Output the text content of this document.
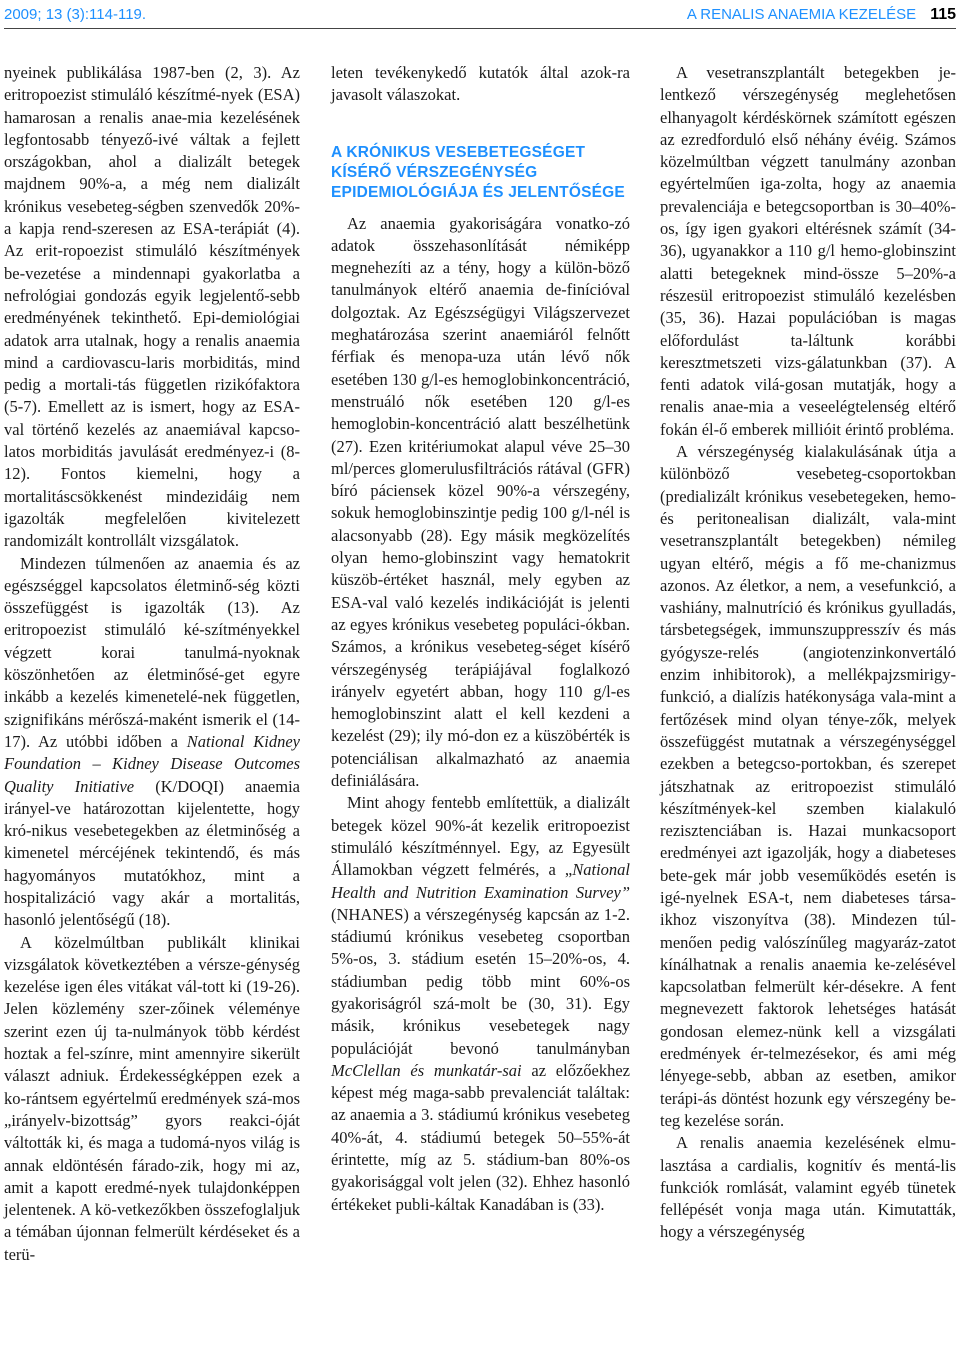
2009; 13 (3):114-119.	A RENALIS ANAEMIA KEZELÉSE 115

nyeinek publikálása 1987-ben (2, 3). Az eritropoezist stimuláló készítmé-nyek (ESA) hamarosan a renalis anae-mia kezelésének legfontosabb tényező-ivé váltak a fejlett országokban, ahol a dializált betegek majdnem 90%-a, a még nem dializált krónikus vesebeteg-ségben szenvedők 20%-a kapja rend-szeresen az ESA-terápiát (4). Az erit-ropoezist stimuláló készítmények be-vezetése a mindennapi gyakorlatba a nefrológiai gondozás egyik legjelentő-sebb eredményének tekinthető. Epi-demiológiai adatok arra utalnak, hogy a renalis anaemia mind a cardiovascu-laris morbiditás, mind pedig a mortali-tás független rizikófaktora (5-7). Emellett az is ismert, hogy az ESA-val történő kezelés az anaemiával kapcso-latos morbiditás javulását eredményez-i (8-12). Fontos kiemelni, hogy a mortalitáscsökkenést mindezidáig nem igazolták megfelelően kivitelezett randomizált kontrollált vizsgálatok.

Mindezen túlmenően az anaemia és az egészséggel kapcsolatos életminő-ség közti összefüggést is igazolták (13). Az eritropoezist stimuláló ké-szítményekkel végzett korai tanulmá-nyoknak köszönhetően az életminősé-get egyre inkább a kezelés kimenetelé-nek független, szignifikáns mérőszá-maként ismerik el (14-17). Az utóbbi időben a National Kidney Foundation – Kidney Disease Outcomes Quality Initiative (K/DOQI) anaemia irányel-ve határozottan kijelentette, hogy kró-nikus vesebetegekben az életminőség a kimenetel mércéjének tekintendő, és más hagyományos mutatókhoz, mint a hospitalizáció vagy akár a mortalitás, hasonló jelentőségű (18).

A közelmúltban publikált klinikai vizsgálatok következtében a vérsze-génység kezelése igen éles vitákat vál-tott ki (19-26). Jelen közlemény szer-zőinek véleménye szerint ezen új ta-nulmányok több kérdést hoztak a fel-színre, mint amennyire sikerült választ adniuk. Érdekességképpen ezek a ko-rántsem egyértelmű eredmények szá-mos „irányelv-bizottság” gyors reakci-óját váltották ki, és maga a tudomá-nyos világ is annak eldöntésén fárado-zik, hogy mi az, amit a kapott eredmé-nyek tulajdonképpen jelentenek. A kö-vetkezőkben összefoglaljuk a témában újonnan felmerült kérdéseket és a terü-

leten tevékenykedő kutatók által azok-ra javasolt válaszokat.

A KRÓNIKUS VESEBETEGSÉGET KÍSÉRŐ VÉRSZEGÉNYSÉG EPIDEMIOLÓGIÁJA ÉS JELENTŐSÉGE

Az anaemia gyakoriságára vonatko-zó adatok összehasonlítását némiképp megnehezíti az a tény, hogy a külön-böző tanulmányok eltérő anaemia de-finícióval dolgoztak. Az Egészségügyi Világszervezet meghatározása szerint anaemiáról felnőtt férfiak és menopa-uza után lévő nők esetében 130 g/l-es hemoglobinkoncentráció, menstruáló nők esetében 120 g/l-es hemoglobin-koncentráció alatt beszélhetünk (27). Ezen kritériumokat alapul véve 25–30 ml/perces glomerulusfiltrációs rátával (GFR) bíró páciensek közel 90%-a vérszegény, sokuk hemoglobinszintje pedig 100 g/l-nél is alacsonyabb (28). Egy másik megközelítés olyan hemo-globinszint vagy hematokrit küszöb-értéket használ, mely egyben az ESA-val való kezelés indikációját is jelenti az egyes krónikus vesebeteg populáci-ókban. Számos, a krónikus vesebeteg-séget kísérő vérszegénység terápiájával foglalkozó irányelv egyetért abban, hogy 110 g/l-es hemoglobinszint alatt el kell kezdeni a kezelést (29); ily mó-don ez a küszöbérték is potenciálisan alkalmazható az anaemia definiálására.

Mint ahogy fentebb említettük, a dializált betegek közel 90%-át kezelik eritropoezist stimuláló készítménnyel. Egy, az Egyesült Államokban végzett felmérés, a „National Health and Nutrition Examination Survey” (NHANES) a vérszegénység kapcsán az 1-2. stádiumú krónikus vesebeteg csoportban 5%-os, 3. stádium esetén 15–20%-os, 4. stádiumban pedig több mint 60%-os gyakoriságról szá-molt be (30, 31). Egy másik, krónikus vesebetegek nagy populációját bevonó tanulmányban McClellan és munkatár-sai az előzőekhez képest még maga-sabb prevalenciát találtak: az anaemia a 3. stádiumú krónikus vesebeteg 40%-át, 4. stádiumú betegek 50–55%-át érintette, míg az 5. stádium-ban 80%-os gyakorisággal volt jelen (32). Ehhez hasonló értékeket publi-káltak Kanadában is (33).

A vesetranszplantált betegekben je-lentkező vérszegénység meglehetősen elhanyagolt kérdéskörnek számított egészen az ezredforduló első néhány évéig. Számos közelmúltban végzett tanulmány azonban egyértelműen iga-zolta, hogy az anaemia prevalenciája e betegcsoportban is 30–40%-os, így igen gyakori eltérésnek számít (34-36), ugyanakkor a 110 g/l hemo-globinszint alatti betegeknek mind-össze 5–20%-a részesül eritropoezist stimuláló kezelésben (35, 36). Hazai populációban is magas előfordulást ta-láltunk korábbi keresztmetszeti vizs-gálatunkban (37). A fenti adatok vilá-gosan mutatják, hogy a renalis anae-mia a veseelégtelenség eltérő fokán él-ő emberek millióit érintő probléma.

A vérszegénység kialakulásának útja a különböző vesebeteg-csoportokban (predializált krónikus vesebetegeken, hemo- és peritonealisan dializált, vala-mint vesetranszplantált betegekben) némileg ugyan eltérő, mégis a fő me-chanizmus azonos. Az életkor, a nem, a vesefunkció, a vashiány, malnutríció és krónikus gyulladás, társbetegségek, immunszuppresszív és más gyógysze-relés (angiotenzinkonvertáló enzim inhibitorok), a mellékpajzsmirigy-funkció, a dialízis hatékonysága vala-mint a fertőzések mind olyan ténye-zők, melyek összefüggést mutatnak a vérszegénységgel ezekben a betegcso-portokban, és szerepet játszhatnak az eritropoezist stimuláló készítmények-kel szemben kialakuló rezisztenciában is. Hazai munkacsoport eredményei azt igazolják, hogy a diabeteses bete-gek már jobb veseműködés esetén is igé-nyelnek ESA-t, nem diabeteses társa-ikhoz viszonyítva (38). Mindezen túl-menően pedig valószínűleg magyaráz-zatot kínálhatnak a renalis anaemia ke-zelésével kapcsolatban felmerült kér-désekre. A fent megnevezett faktorok lehetséges hatását gondosan elemez-nünk kell a vizsgálati eredmények ér-telmezésekor, és ami még lényege-sebb, abban az esetben, amikor terápi-ás döntést hozunk egy vérszegény be-teg kezelése során.

A renalis anaemia kezelésének elmu-lasztása a cardialis, kognitív és mentá-lis funkciók romlását, valamint egyéb tünetek fellépését vonja maga után. Kimutatták, hogy a vérszegénység
